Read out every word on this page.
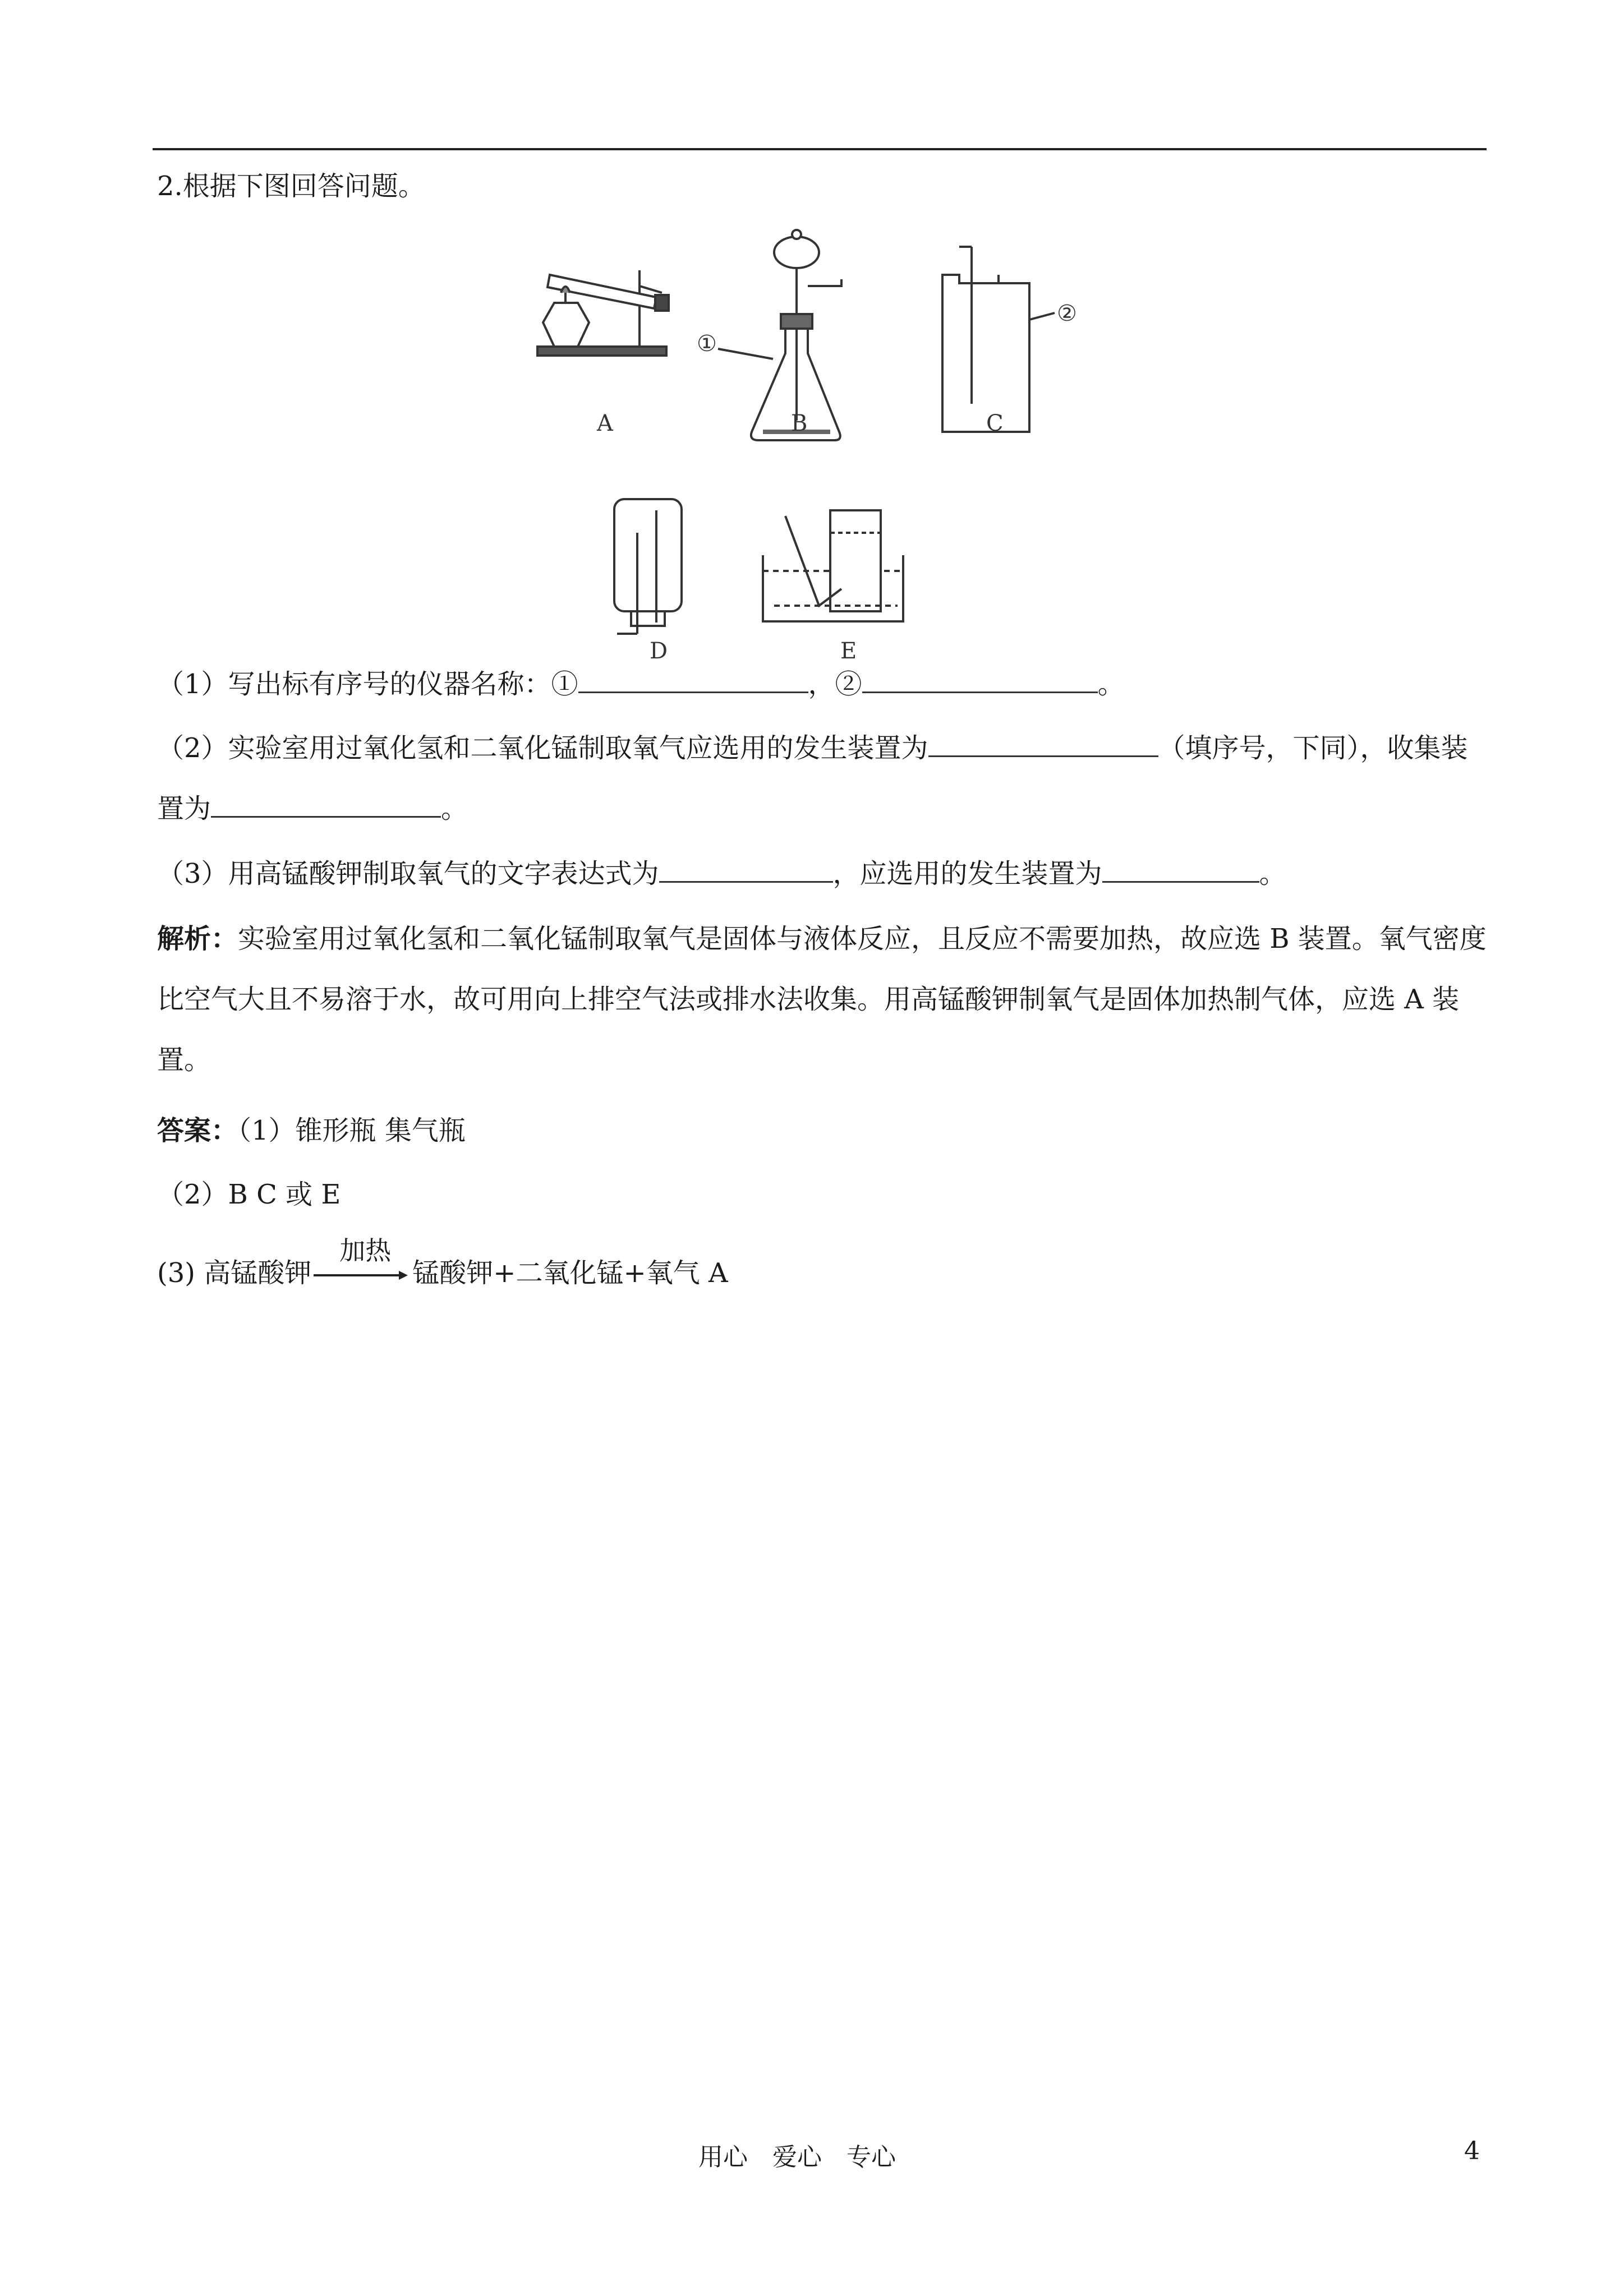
2.根据下图回答问题。
A	B	C
D	E
①
②
（1）写出标有序号的仪器名称：①	，②	。
（2）实验室用过氧化氢和二氧化锰制取氧气应选用的发生装置为	（填序号，下同），收集装置为	。
（3）用高锰酸钾制取氧气的文字表达式为	，应选用的发生装置为	。
解析：实验室用过氧化氢和二氧化锰制取氧气是固体与液体反应，且反应不需要加热，故应选 B 装置。氧气密度比空气大且不易溶于水，故可用向上排空气法或排水法收集。用高锰酸钾制氧气是固体加热制气体，应选 A 装置。
答案：（1）锥形瓶 集气瓶
（2）B C 或 E
(3) 高锰酸钾
加热
锰酸钾+二氧化锰+氧气 A
用心　爱心　专心	4
